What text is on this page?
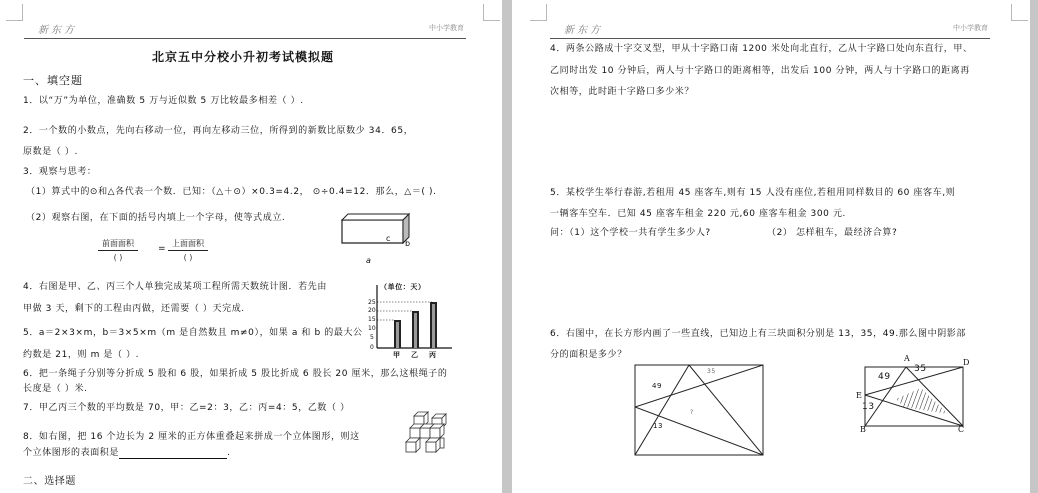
新东方	中小学教育
北京五中分校小升初考试模拟题
一、填空题
1．以“万”为单位，准确数 5 万与近似数 5 万比较最多相差（ ）.
2．一个数的小数点，先向右移动一位，再向左移动三位，所得到的新数比原数少 34．65，
原数是（ ）.
3．观察与思考：
（1）算式中的⊙和△各代表一个数．已知：（△＋⊙）×0.3=4.2， ⊙÷0.4=12．那么，△＝( ).
（2）观察右图，在下面的括号内填上一个字母，使等式成立.
前面面积
( )
=
上面面积
( )
c
b
a
4．右图是甲、乙、丙三个人单独完成某项工程所需天数统计图．若先由
甲做 3 天，剩下的工程由丙做，还需要（ ）天完成.
25
20
15
10
5
0
（单位：天）
甲 乙 丙
5．a＝2×3×m，b＝3×5×m（m 是自然数且 m≠0），如果 a 和 b 的最大公
约数是 21，则 m 是（ ）.
6．把一条绳子分别等分折成 5 股和 6 股，如果折成 5 股比折成 6 股长 20 厘米，那么这根绳子的
长度是（ ）米.
7．甲乙丙三个数的平均数是 70，甲：乙=2：3，乙：丙=4：5，乙数（ ）
8．如右图，把 16 个边长为 2 厘米的正方体重叠起来拼成一个立体图形，则这
个立体图形的表面积是	.
二、选择题
新东方	中小学教育
4．两条公路成十字交叉型，甲从十字路口南 1200 米处向北直行，乙从十字路口处向东直行，甲、
乙同时出发 10 分钟后，两人与十字路口的距离相等，出发后 100 分钟，两人与十字路口的距离再
次相等，此时距十字路口多少米？
5．某校学生举行春游,若租用 45 座客车,则有 15 人没有座位,若租用同样数目的 60 座客车,则
一辆客车空车．已知 45 座客车租金 220 元,60 座客车租金 300 元.
问：（1）这个学校一共有学生多少人?	（2） 怎样租车，最经济合算?
6．右图中，在长方形内画了一些直线，已知边上有三块面积分别是 13，35，49.那么图中阴影部
分的面积是多少？
49
35
13
?
A	D
E
B	C
49
35
13
